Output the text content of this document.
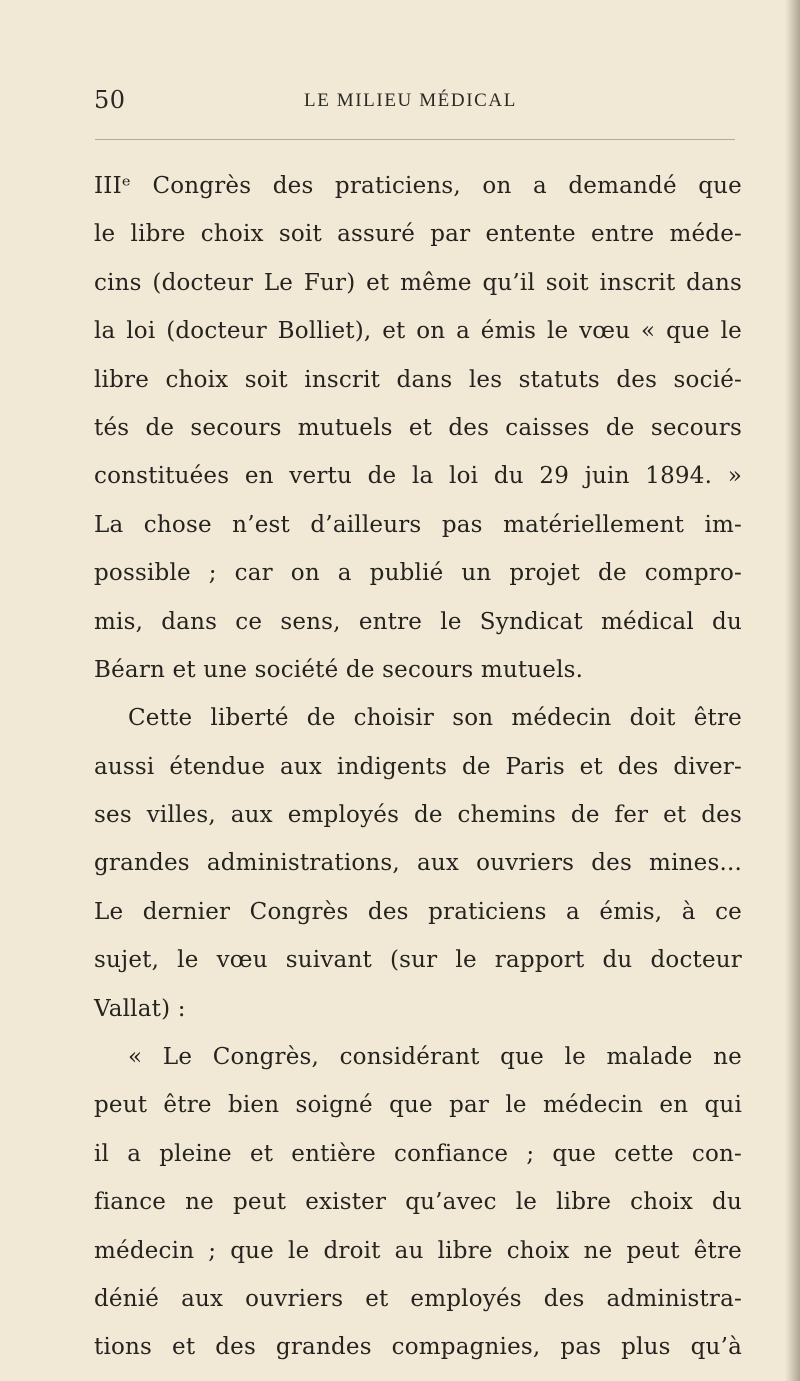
50	LE MILIEU MÉDICAL
IIIᵉ Congrès des praticiens, on a demandé que
le libre choix soit assuré par entente entre méde-
cins (docteur Le Fur) et même qu’il soit inscrit dans
la loi (docteur Bolliet), et on a émis le vœu « que le
libre choix soit inscrit dans les statuts des socié-
tés de secours mutuels et des caisses de secours
constituées en vertu de la loi du 29 juin 1894. »
La chose n’est d’ailleurs pas matériellement im-
possible ; car on a publié un projet de compro-
mis, dans ce sens, entre le Syndicat médical du
Béarn et une société de secours mutuels.
Cette liberté de choisir son médecin doit être
aussi étendue aux indigents de Paris et des diver-
ses villes, aux employés de chemins de fer et des
grandes administrations, aux ouvriers des mines...
Le dernier Congrès des praticiens a émis, à ce
sujet, le vœu suivant (sur le rapport du docteur
Vallat) :
« Le Congrès, considérant que le malade ne
peut être bien soigné que par le médecin en qui
il a pleine et entière confiance ; que cette con-
fiance ne peut exister qu’avec le libre choix du
médecin ; que le droit au libre choix ne peut être
dénié aux ouvriers et employés des administra-
tions et des grandes compagnies, pas plus qu’à
